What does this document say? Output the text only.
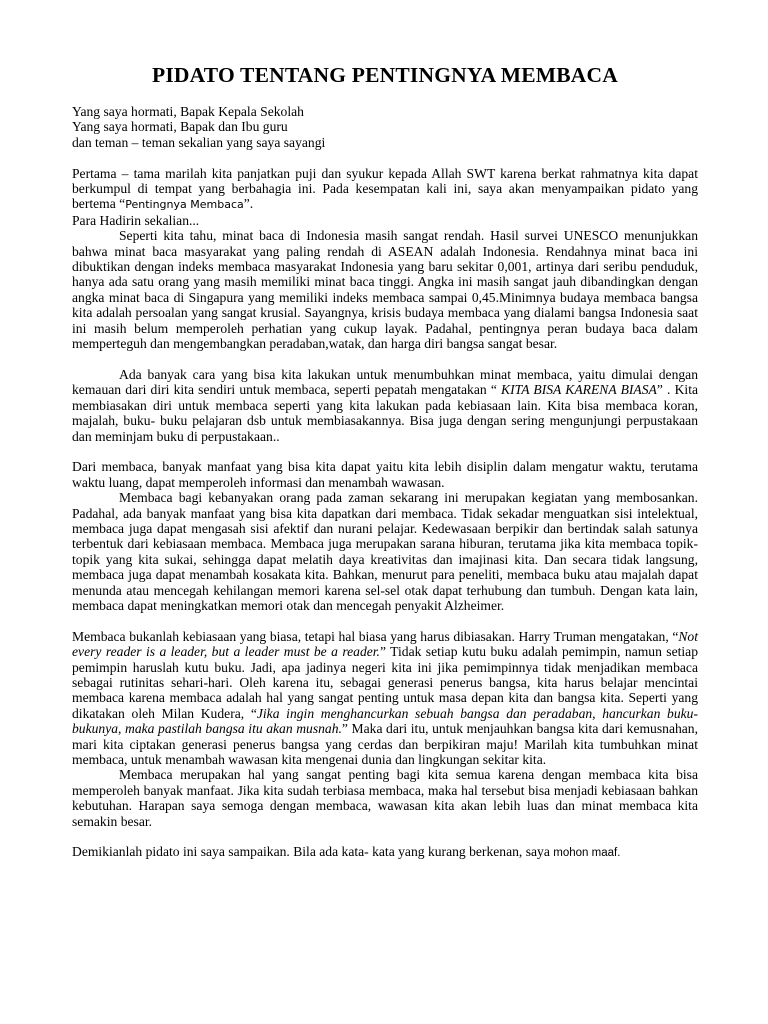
PIDATO TENTANG PENTINGNYA MEMBACA
Yang saya hormati, Bapak Kepala Sekolah
Yang saya hormati, Bapak dan Ibu guru
dan teman – teman sekalian yang saya sayangi

Pertama – tama marilah kita panjatkan puji dan syukur kepada Allah SWT karena berkat rahmatnya kita dapat berkumpul di tempat yang berbahagia ini. Pada kesempatan kali ini, saya akan menyampaikan pidato yang bertema “Pentingnya Membaca”.

Para Hadirin sekalian...

Seperti kita tahu, minat baca di Indonesia masih sangat rendah. Hasil survei UNESCO menunjukkan bahwa minat baca masyarakat yang paling rendah di ASEAN adalah Indonesia. Rendahnya minat baca ini dibuktikan dengan indeks membaca masyarakat Indonesia yang baru sekitar 0,001, artinya dari seribu penduduk, hanya ada satu orang yang masih memiliki minat baca tinggi. Angka ini masih sangat jauh dibandingkan dengan angka minat baca di Singapura yang memiliki indeks membaca sampai 0,45.Minimnya budaya membaca bangsa kita adalah persoalan yang sangat krusial. Sayangnya, krisis budaya membaca yang dialami bangsa Indonesia saat ini masih belum memperoleh perhatian yang cukup layak. Padahal, pentingnya peran budaya baca dalam memperteguh dan mengembangkan peradaban,watak, dan harga diri bangsa sangat besar.

Ada banyak cara yang bisa kita lakukan untuk menumbuhkan minat membaca, yaitu dimulai dengan kemauan dari diri kita sendiri untuk membaca, seperti pepatah mengatakan “ KITA BISA KARENA BIASA” . Kita membiasakan diri untuk membaca seperti yang kita lakukan pada kebiasaan lain. Kita bisa membaca koran, majalah, buku- buku pelajaran dsb untuk membiasakannya. Bisa juga dengan sering mengunjungi perpustakaan dan meminjam buku di perpustakaan..

Dari membaca, banyak manfaat yang bisa kita dapat yaitu kita lebih disiplin dalam mengatur waktu, terutama waktu luang, dapat memperoleh informasi dan menambah wawasan.

Membaca bagi kebanyakan orang pada zaman sekarang ini merupakan kegiatan yang membosankan. Padahal, ada banyak manfaat yang bisa kita dapatkan dari membaca. Tidak sekadar menguatkan sisi intelektual, membaca juga dapat mengasah sisi afektif dan nurani pelajar. Kedewasaan berpikir dan bertindak salah satunya terbentuk dari kebiasaan membaca. Membaca juga merupakan sarana hiburan, terutama jika kita membaca topik-topik yang kita sukai, sehingga dapat melatih daya kreativitas dan imajinasi kita. Dan secara tidak langsung, membaca juga dapat menambah kosakata kita. Bahkan, menurut para peneliti, membaca buku atau majalah dapat menunda atau mencegah kehilangan memori karena sel-sel otak dapat terhubung dan tumbuh. Dengan kata lain, membaca dapat meningkatkan memori otak dan mencegah penyakit Alzheimer.

Membaca bukanlah kebiasaan yang biasa, tetapi hal biasa yang harus dibiasakan. Harry Truman mengatakan, “Not every reader is a leader, but a leader must be a reader.” Tidak setiap kutu buku adalah pemimpin, namun setiap pemimpin haruslah kutu buku. Jadi, apa jadinya negeri kita ini jika pemimpinnya tidak menjadikan membaca sebagai rutinitas sehari-hari. Oleh karena itu, sebagai generasi penerus bangsa, kita harus belajar mencintai membaca karena membaca adalah hal yang sangat penting untuk masa depan kita dan bangsa kita. Seperti yang dikatakan oleh Milan Kudera, “Jika ingin menghancurkan sebuah bangsa dan peradaban, hancurkan buku-bukunya, maka pastilah bangsa itu akan musnah.” Maka dari itu, untuk menjauhkan bangsa kita dari kemusnahan, mari kita ciptakan generasi penerus bangsa yang cerdas dan berpikiran maju! Marilah kita tumbuhkan minat membaca, untuk menambah wawasan kita mengenai dunia dan lingkungan sekitar kita.

Membaca merupakan hal yang sangat penting bagi kita semua karena dengan membaca kita bisa memperoleh banyak manfaat. Jika kita sudah terbiasa membaca, maka hal tersebut bisa menjadi kebiasaan bahkan kebutuhan. Harapan saya semoga dengan membaca, wawasan kita akan lebih luas dan minat membaca kita semakin besar.

Demikianlah pidato ini saya sampaikan. Bila ada kata- kata yang kurang berkenan, saya mohon maaf.
